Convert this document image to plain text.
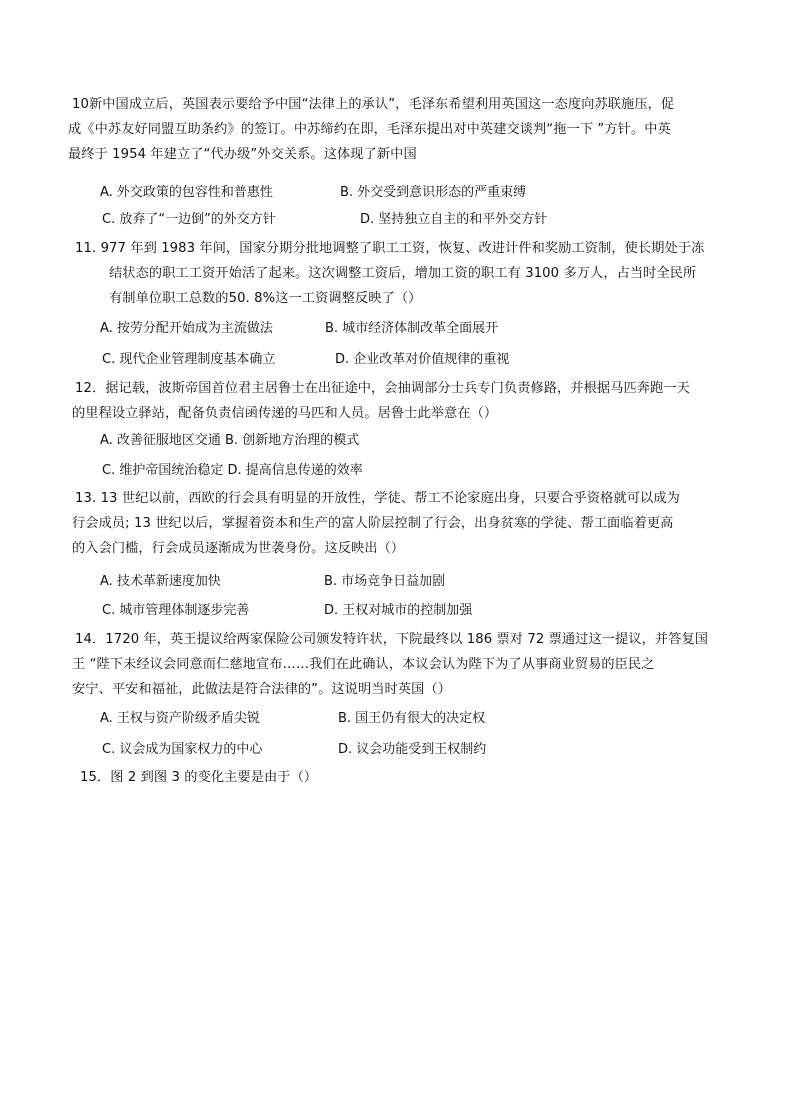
10新中国成立后，英国表示要给予中国“法律上的承认”，毛泽东希望利用英国这一态度向苏联施压，促
成《中苏友好同盟互助条约》的签订。中苏缔约在即，毛泽东提出对中英建交谈判“拖一下 ”方针。中英
最终于 1954 年建立了“代办级”外交关系。这体现了新中国
A. 外交政策的包容性和普惠性	B. 外交受到意识形态的严重束缚
C. 放弃了“一边倒”的外交方针	D. 坚持独立自主的和平外交方针
11. 977 年到 1983 年间，国家分期分批地调整了职工工资，恢复、改进计件和奖励工资制，使长期处于冻
结状态的职工工资开始活了起来。这次调整工资后，增加工资的职工有 3100 多万人，占当时全民所
有制单位职工总数的50. 8%这一工资调整反映了（）
A. 按劳分配开始成为主流做法	B. 城市经济体制改革全面展开
C. 现代企业管理制度基本确立	D. 企业改革对价值规律的重视
12．据记载，波斯帝国首位君主居鲁士在出征途中，会抽调部分士兵专门负责修路，并根据马匹奔跑一天
的里程设立驿站，配备负责信函传递的马匹和人员。居鲁士此举意在（）
A. 改善征服地区交通 B. 创新地方治理的模式
C. 维护帝国统治稳定 D. 提高信息传递的效率
13. 13 世纪以前，西欧的行会具有明显的开放性，学徒、帮工不论家庭出身，只要合乎资格就可以成为
行会成员; 13 世纪以后，掌握着资本和生产的富人阶层控制了行会，出身贫寒的学徒、帮工面临着更高
的入会门槛，行会成员逐渐成为世袭身份。这反映出（）
A. 技术革新速度加快	B. 市场竞争日益加剧
C. 城市管理体制逐步完善	D. 王权对城市的控制加强
14．1720 年，英王提议给两家保险公司颁发特许状，下院最终以 186 票对 72 票通过这一提议，并答复国
王 “陛下未经议会同意而仁慈地宣布……我们在此确认，本议会认为陛下为了从事商业贸易的臣民之
安宁、平安和福祉，此做法是符合法律的”。这说明当时英国（）
A. 王权与资产阶级矛盾尖锐	B. 国王仍有很大的决定权
C. 议会成为国家权力的中心	D. 议会功能受到王权制约
15．图 2 到图 3 的变化主要是由于（）
